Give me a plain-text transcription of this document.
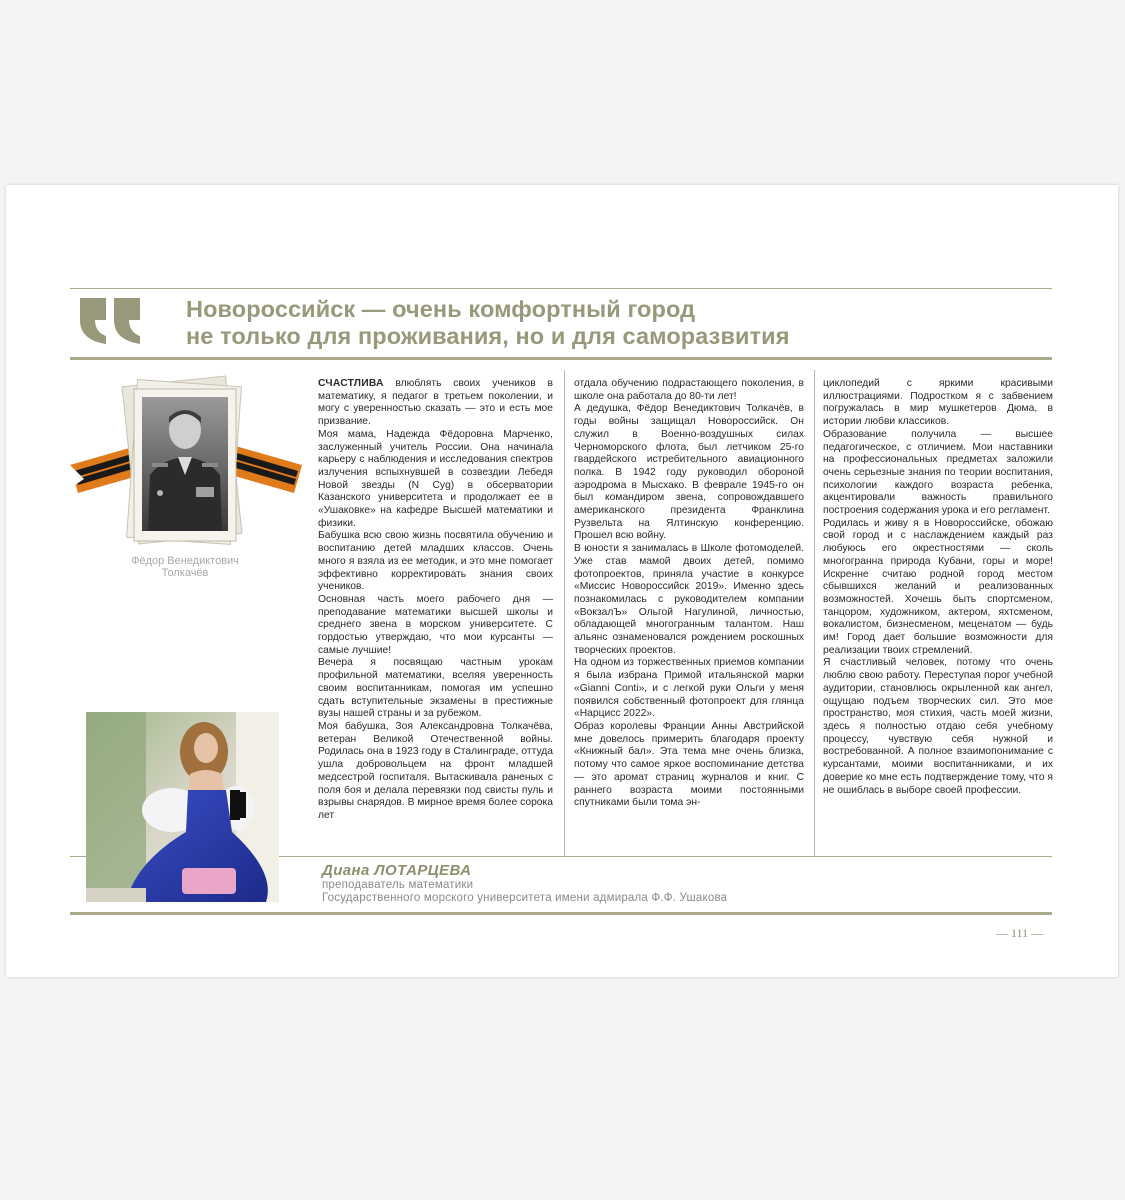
Новороссийск — очень комфортный город
не только для проживания, но и для саморазвития

Фёдор Венедиктович
Толкачёв

СЧАСТЛИВА влюблять своих учеников в математику, я педагог в третьем поколении, и могу с уверенностью сказать — это и есть мое призвание.

Моя мама, Надежда Фёдоровна Марченко, заслуженный учитель России. Она начинала карьеру с наблюдения и исследования спектров излучения вспыхнувшей в созвездии Лебедя Новой звезды (N Cyg) в обсерватории Казанского университета и продолжает ее в «Ушаковке» на кафедре Высшей математики и физики.

Бабушка всю свою жизнь посвятила обучению и воспитанию детей младших классов. Очень много я взяла из ее методик, и это мне помогает эффективно корректировать знания своих учеников.

Основная часть моего рабочего дня — преподавание математики высшей школы и среднего звена в морском университете. С гордостью утверждаю, что мои курсанты — самые лучшие!

Вечера я посвящаю частным урокам профильной математики, вселяя уверенность своим воспитанникам, помогая им успешно сдать вступительные экзамены в престижные вузы нашей страны и за рубежом.

Моя бабушка, Зоя Александровна Толкачёва, ветеран Великой Отечественной войны. Родилась она в 1923 году в Сталинграде, оттуда ушла добровольцем на фронт младшей медсестрой госпиталя. Вытаскивала раненых с поля боя и делала перевязки под свисты пуль и взрывы снарядов. В мирное время более сорока лет

отдала обучению подрастающего поколения, в школе она работала до 80-ти лет!

А дедушка, Фёдор Венедиктович Толкачёв, в годы войны защищал Новороссийск. Он служил в Военно-воздушных силах Черноморского флота, был летчиком 25-го гвардейского истребительного авиационного полка. В 1942 году руководил обороной аэродрома в Мысхако. В феврале 1945-го он был командиром звена, сопровождавшего американского президента Франклина Рузвельта на Ялтинскую конференцию. Прошел всю войну.

В юности я занималась в Школе фотомоделей. Уже став мамой двоих детей, помимо фотопроектов, приняла участие в конкурсе «Миссис Новороссийск 2019». Именно здесь познакомилась с руководителем компании «ВокзалЪ» Ольгой Нагулиной, личностью, обладающей многогранным талантом. Наш альянс ознаменовался рождением роскошных творческих проектов.

На одном из торжественных приемов компании я была избрана Примой итальянской марки «Gianni Conti», и с легкой руки Ольги у меня появился собственный фотопроект для глянца «Нарцисс 2022».

Образ королевы Франции Анны Австрийской мне довелось примерить благодаря проекту «Книжный бал». Эта тема мне очень близка, потому что самое яркое воспоминание детства — это аромат страниц журналов и книг. С раннего возраста моими постоянными спутниками были тома эн-

циклопедий с яркими красивыми иллюстрациями. Подростком я с забвением погружалась в мир мушкетеров Дюма, в истории любви классиков.

Образование получила — высшее педагогическое, с отличием. Мои наставники на профессиональных предметах заложили очень серьезные знания по теории воспитания, психологии каждого возраста ребенка, акцентировали важность правильного построения содержания урока и его регламент.

Родилась и живу я в Новороссийске, обожаю свой город и с наслаждением каждый раз любуюсь его окрестностями — сколь многогранна природа Кубани, горы и море! Искренне считаю родной город местом сбывшихся желаний и реализованных возможностей. Хочешь быть спортсменом, танцором, художником, актером, яхтсменом, вокалистом, бизнесменом, меценатом — будь им! Город дает большие возможности для реализации твоих стремлений.

Я счастливый человек, потому что очень люблю свою работу. Переступая порог учебной аудитории, становлюсь окрыленной как ангел, ощущаю подъем творческих сил. Это мое пространство, моя стихия, часть моей жизни, здесь я полностью отдаю себя учебному процессу, чувствую себя нужной и востребованной. А полное взаимопонимание с курсантами, моими воспитанниками, и их доверие ко мне есть подтверждение тому, что я не ошиблась в выборе своей профессии.

Диана ЛОТАРЦЕВА
преподаватель математики
Государственного морского университета имени адмирала Ф.Ф. Ушакова

— 111 —
